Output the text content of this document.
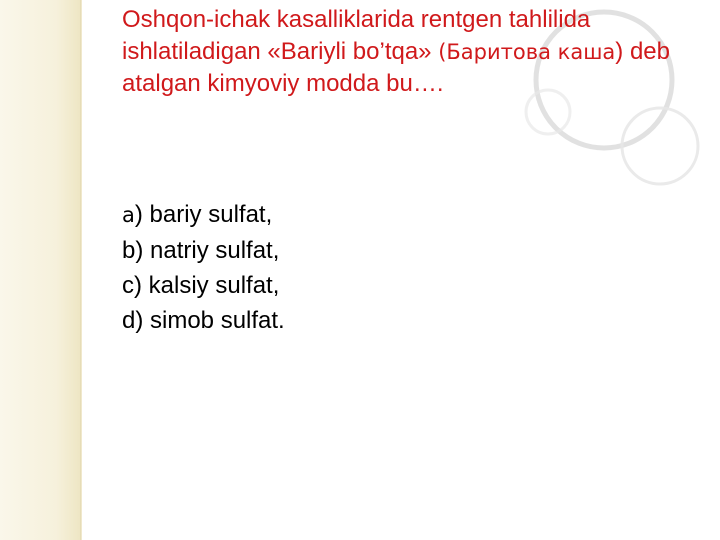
Oshqon-ichak kasalliklarida rentgen tahlilida ishlatiladigan «Bariyli bo’tqa» (Баритова каша) deb atalgan kimyoviy modda bu….

a) bariy sulfat,
b) natriy sulfat,
c) kalsiy sulfat,
d) simob sulfat.
